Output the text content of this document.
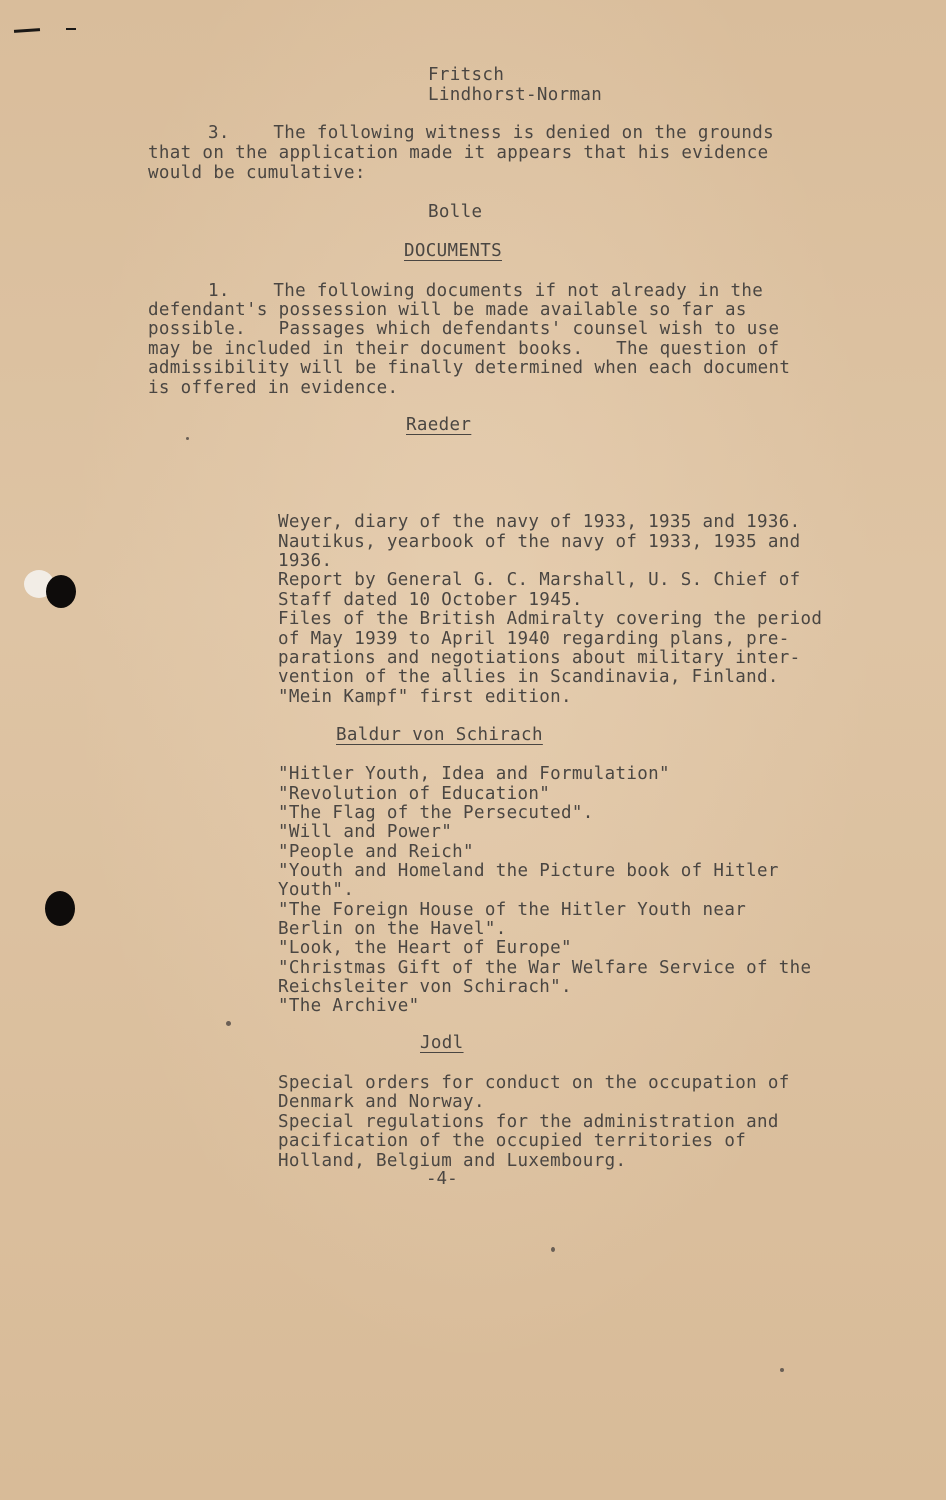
Fritsch
Lindhorst-Norman
3.    The following witness is denied on the grounds
that on the application made it appears that his evidence
would be cumulative:
Bolle
DOCUMENTS
1.    The following documents if not already in the
defendant's possession will be made available so far as
possible.   Passages which defendants' counsel wish to use
may be included in their document books.   The question of
admissibility will be finally determined when each document
is offered in evidence.
Raeder
Weyer, diary of the navy of 1933, 1935 and 1936.
Nautikus, yearbook of the navy of 1933, 1935 and
1936.
Report by General G. C. Marshall, U. S. Chief of
Staff dated 10 October 1945.
Files of the British Admiralty covering the period
of May 1939 to April 1940 regarding plans, pre-
parations and negotiations about military inter-
vention of the allies in Scandinavia, Finland.
"Mein Kampf" first edition.
Baldur von Schirach
"Hitler Youth, Idea and Formulation"
"Revolution of Education"
"The Flag of the Persecuted".
"Will and Power"
"People and Reich"
"Youth and Homeland the Picture book of Hitler
Youth".
"The Foreign House of the Hitler Youth near
Berlin on the Havel".
"Look, the Heart of Europe"
"Christmas Gift of the War Welfare Service of the
Reichsleiter von Schirach".
"The Archive"
Jodl
Special orders for conduct on the occupation of
Denmark and Norway.
Special regulations for the administration and
pacification of the occupied territories of
Holland, Belgium and Luxembourg.
-4-
